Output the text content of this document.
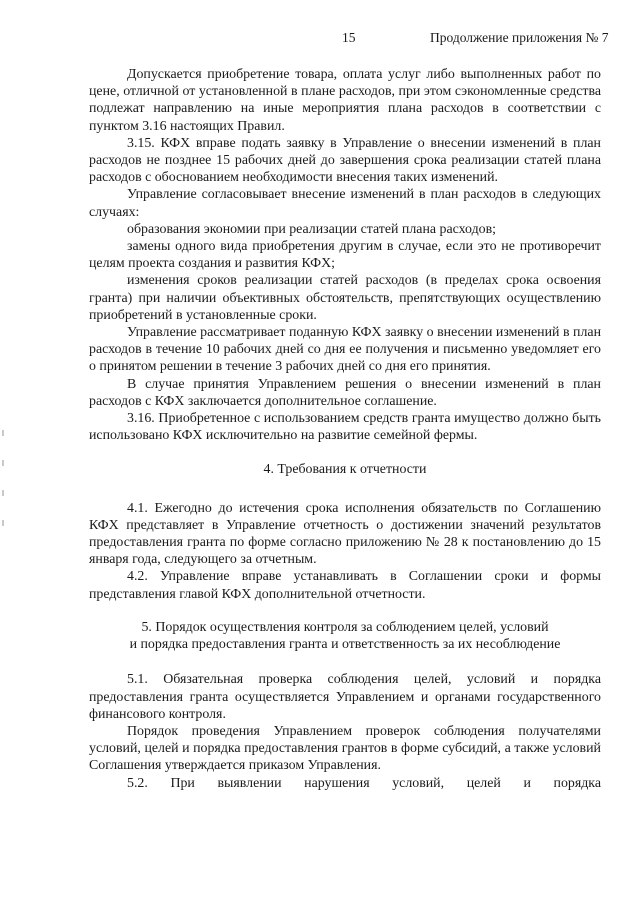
15	Продолжение приложения № 7

Допускается приобретение товара, оплата услуг либо выполненных работ по цене, отличной от установленной в плане расходов, при этом сэкономленные средства подлежат направлению на иные мероприятия плана расходов в соответствии с пунктом 3.16 настоящих Правил.

3.15. КФХ вправе подать заявку в Управление о внесении изменений в план расходов не позднее 15 рабочих дней до завершения срока реализации статей плана расходов с обоснованием необходимости внесения таких изменений.

Управление согласовывает внесение изменений в план расходов в следующих случаях:

образования экономии при реализации статей плана расходов;

замены одного вида приобретения другим в случае, если это не противоречит целям проекта создания и развития КФХ;

изменения сроков реализации статей расходов (в пределах срока освоения гранта) при наличии объективных обстоятельств, препятствующих осуществлению приобретений в установленные сроки.

Управление рассматривает поданную КФХ заявку о внесении изменений в план расходов в течение 10 рабочих дней со дня ее получения и письменно уведомляет его о принятом решении в течение 3 рабочих дней со дня его принятия.

В случае принятия Управлением решения о внесении изменений в план расходов с КФХ заключается дополнительное соглашение.

3.16. Приобретенное с использованием средств гранта имущество должно быть использовано КФХ исключительно на развитие семейной фермы.

4. Требования к отчетности

4.1. Ежегодно до истечения срока исполнения обязательств по Соглашению КФХ представляет в Управление отчетность о достижении значений результатов предоставления гранта по форме согласно приложению № 28 к постановлению до 15 января года, следующего за отчетным.

4.2. Управление вправе устанавливать в Соглашении сроки и формы представления главой КФХ дополнительной отчетности.

5. Порядок осуществления контроля за соблюдением целей, условий

и порядка предоставления гранта и ответственность за их несоблюдение

5.1. Обязательная проверка соблюдения целей, условий и порядка предоставления гранта осуществляется Управлением и органами государственного финансового контроля.

Порядок проведения Управлением проверок соблюдения получателями условий, целей и порядка предоставления грантов в форме субсидий, а также условий Соглашения утверждается приказом Управления.

5.2. При выявлении нарушения условий, целей и порядка
